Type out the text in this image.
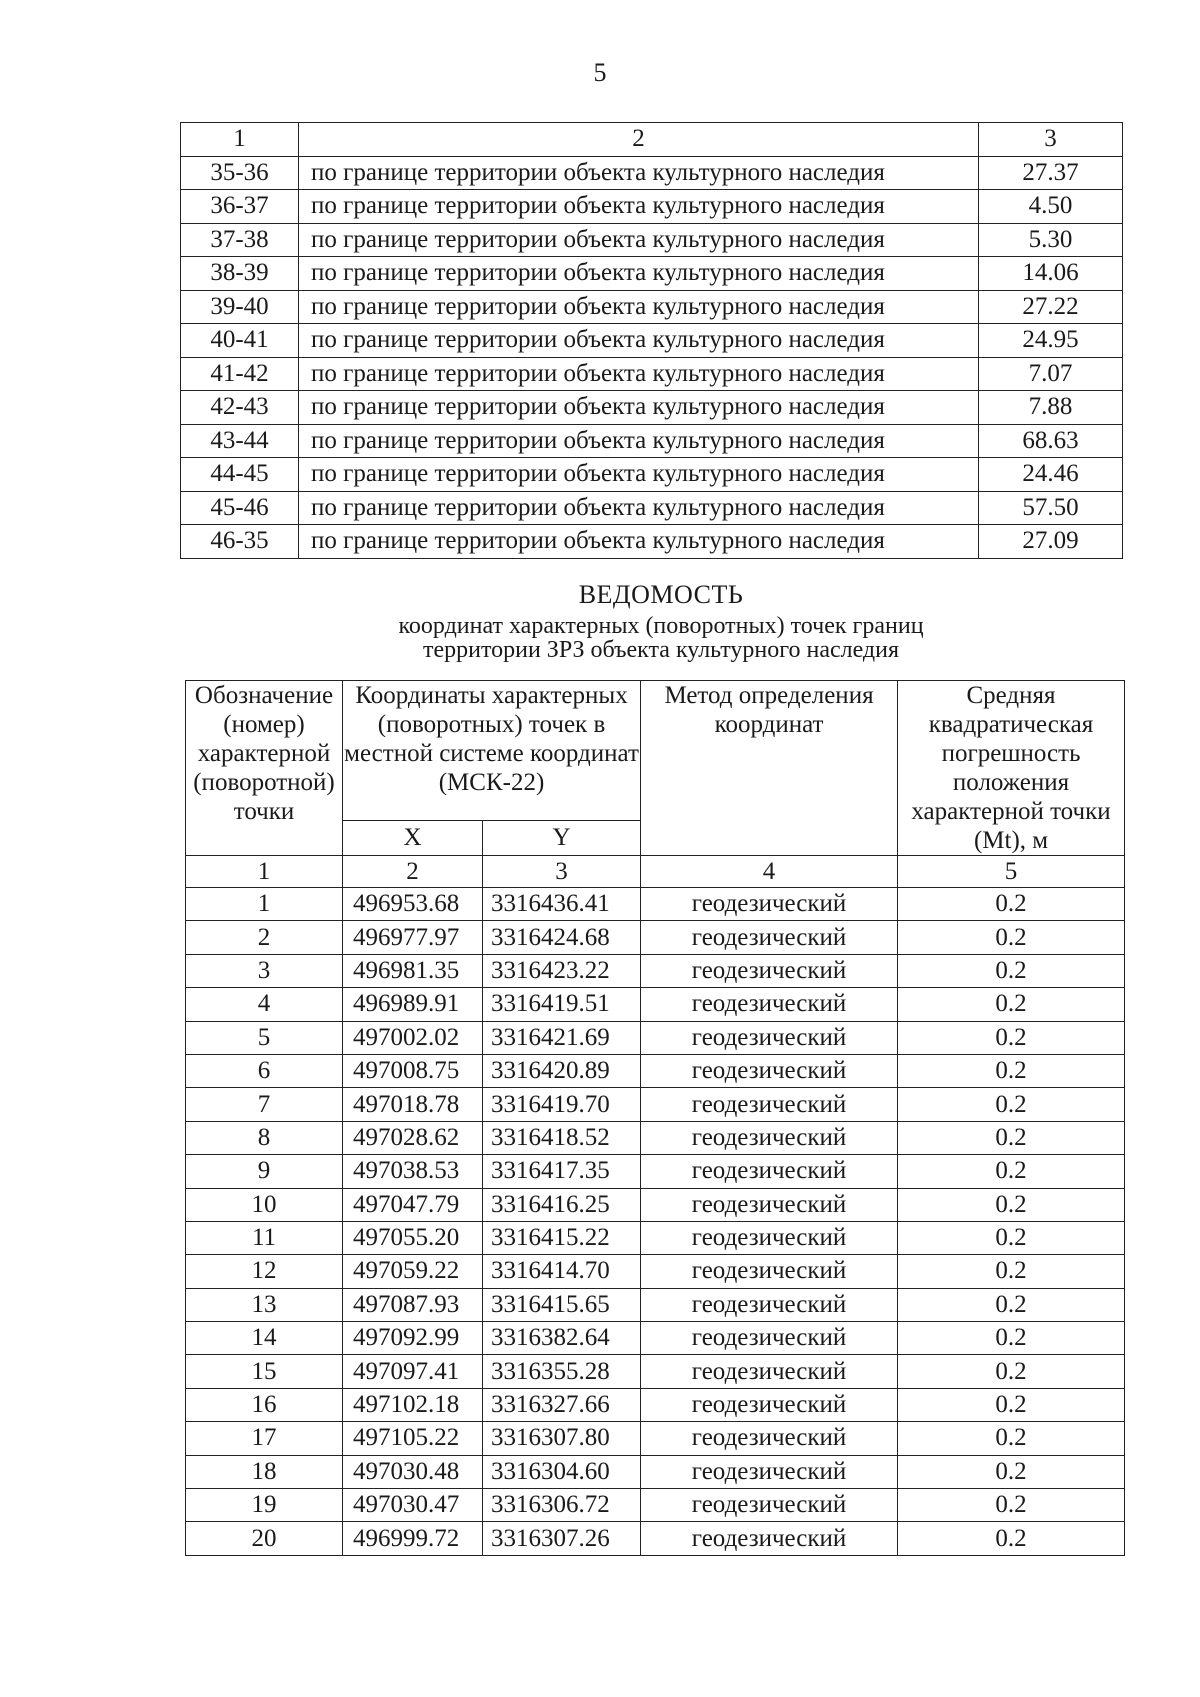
5
1	2	3
35-36	по границе территории объекта культурного наследия	27.37
36-37	по границе территории объекта культурного наследия	4.50
37-38	по границе территории объекта культурного наследия	5.30
38-39	по границе территории объекта культурного наследия	14.06
39-40	по границе территории объекта культурного наследия	27.22
40-41	по границе территории объекта культурного наследия	24.95
41-42	по границе территории объекта культурного наследия	7.07
42-43	по границе территории объекта культурного наследия	7.88
43-44	по границе территории объекта культурного наследия	68.63
44-45	по границе территории объекта культурного наследия	24.46
45-46	по границе территории объекта культурного наследия	57.50
46-35	по границе территории объекта культурного наследия	27.09
ВЕДОМОСТЬ
координат характерных (поворотных) точек границ
территории ЗРЗ объекта культурного наследия
Обозначение (номер) характерной (поворотной) точки	Координаты характерных (поворотных) точек в местной системе координат (МСК-22)		Метод определения координат	Средняя квадратическая погрешность положения характерной точки (Mt), м
	X	Y		
1	2	3	4	5
1	496953.68	3316436.41	геодезический	0.2
2	496977.97	3316424.68	геодезический	0.2
3	496981.35	3316423.22	геодезический	0.2
4	496989.91	3316419.51	геодезический	0.2
5	497002.02	3316421.69	геодезический	0.2
6	497008.75	3316420.89	геодезический	0.2
7	497018.78	3316419.70	геодезический	0.2
8	497028.62	3316418.52	геодезический	0.2
9	497038.53	3316417.35	геодезический	0.2
10	497047.79	3316416.25	геодезический	0.2
11	497055.20	3316415.22	геодезический	0.2
12	497059.22	3316414.70	геодезический	0.2
13	497087.93	3316415.65	геодезический	0.2
14	497092.99	3316382.64	геодезический	0.2
15	497097.41	3316355.28	геодезический	0.2
16	497102.18	3316327.66	геодезический	0.2
17	497105.22	3316307.80	геодезический	0.2
18	497030.48	3316304.60	геодезический	0.2
19	497030.47	3316306.72	геодезический	0.2
20	496999.72	3316307.26	геодезический	0.2
